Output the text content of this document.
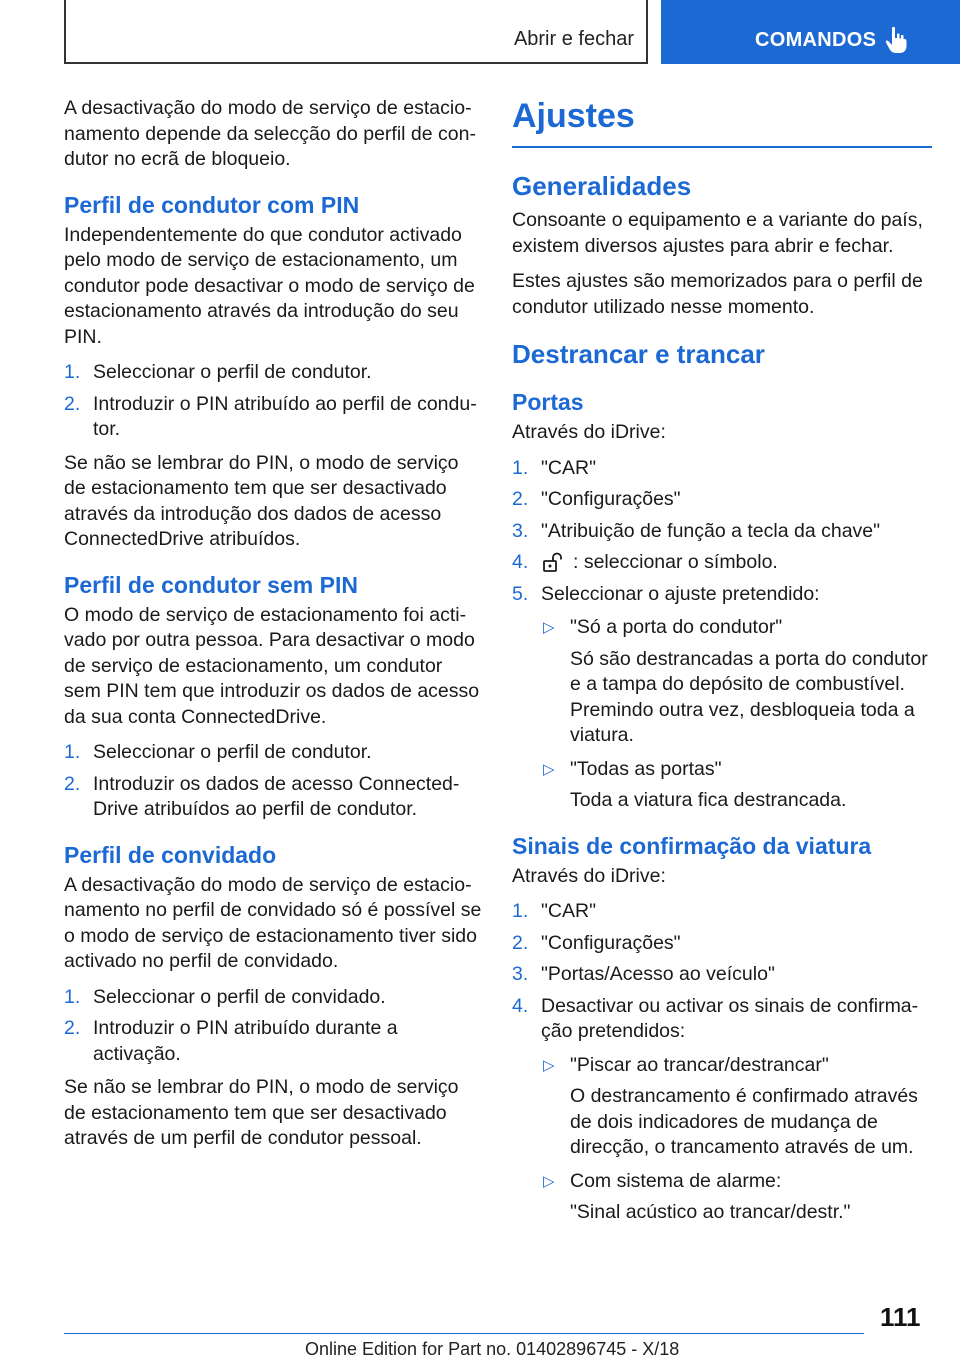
Abrir e fechar	COMANDOS

A desactivação do modo de serviço de estacionamento depende da selecção do perfil de condutor no ecrã de bloqueio.

Perfil de condutor com PIN

Independentemente do que condutor activado pelo modo de serviço de estacionamento, um condutor pode desactivar o modo de serviço de estacionamento através da introdução do seu PIN.

1. Seleccionar o perfil de condutor.
2. Introduzir o PIN atribuído ao perfil de condutor.

Se não se lembrar do PIN, o modo de serviço de estacionamento tem que ser desactivado através da introdução dos dados de acesso ConnectedDrive atribuídos.

Perfil de condutor sem PIN

O modo de serviço de estacionamento foi activado por outra pessoa. Para desactivar o modo de serviço de estacionamento, um condutor sem PIN tem que introduzir os dados de acesso da sua conta ConnectedDrive.

1. Seleccionar o perfil de condutor.
2. Introduzir os dados de acesso ConnectedDrive atribuídos ao perfil de condutor.
Perfil de convidado

A desactivação do modo de serviço de estacionamento no perfil de convidado só é possível se o modo de serviço de estacionamento tiver sido activado no perfil de convidado.

1. Seleccionar o perfil de convidado.
2. Introduzir o PIN atribuído durante a activação.

Se não se lembrar do PIN, o modo de serviço de estacionamento tem que ser desactivado através de um perfil de condutor pessoal.

Ajustes
Generalidades

Consoante o equipamento e a variante do país, existem diversos ajustes para abrir e fechar.

Estes ajustes são memorizados para o perfil de condutor utilizado nesse momento.

Destrancar e trancar
Portas

Através do iDrive:

1. "CAR"
2. "Configurações"
3. "Atribuição de função a tecla da chave"
4. : seleccionar o símbolo.
5. Seleccionar o ajuste pretendido:
▷ "Só a porta do condutor"
Só são destrancadas a porta do condutor e a tampa do depósito de combustível. Premindo outra vez, desbloqueia toda a viatura.
▷ "Todas as portas"
Toda a viatura fica destrancada.
Sinais de confirmação da viatura

Através do iDrive:

1. "CAR"
2. "Configurações"
3. "Portas/Acesso ao veículo"
4. Desactivar ou activar os sinais de confirmação pretendidos:
▷ "Piscar ao trancar/destrancar"
O destrancamento é confirmado através de dois indicadores de mudança de direcção, o trancamento através de um.
▷ Com sistema de alarme:
"Sinal acústico ao trancar/destr."
111
Online Edition for Part no. 01402896745 - X/18
